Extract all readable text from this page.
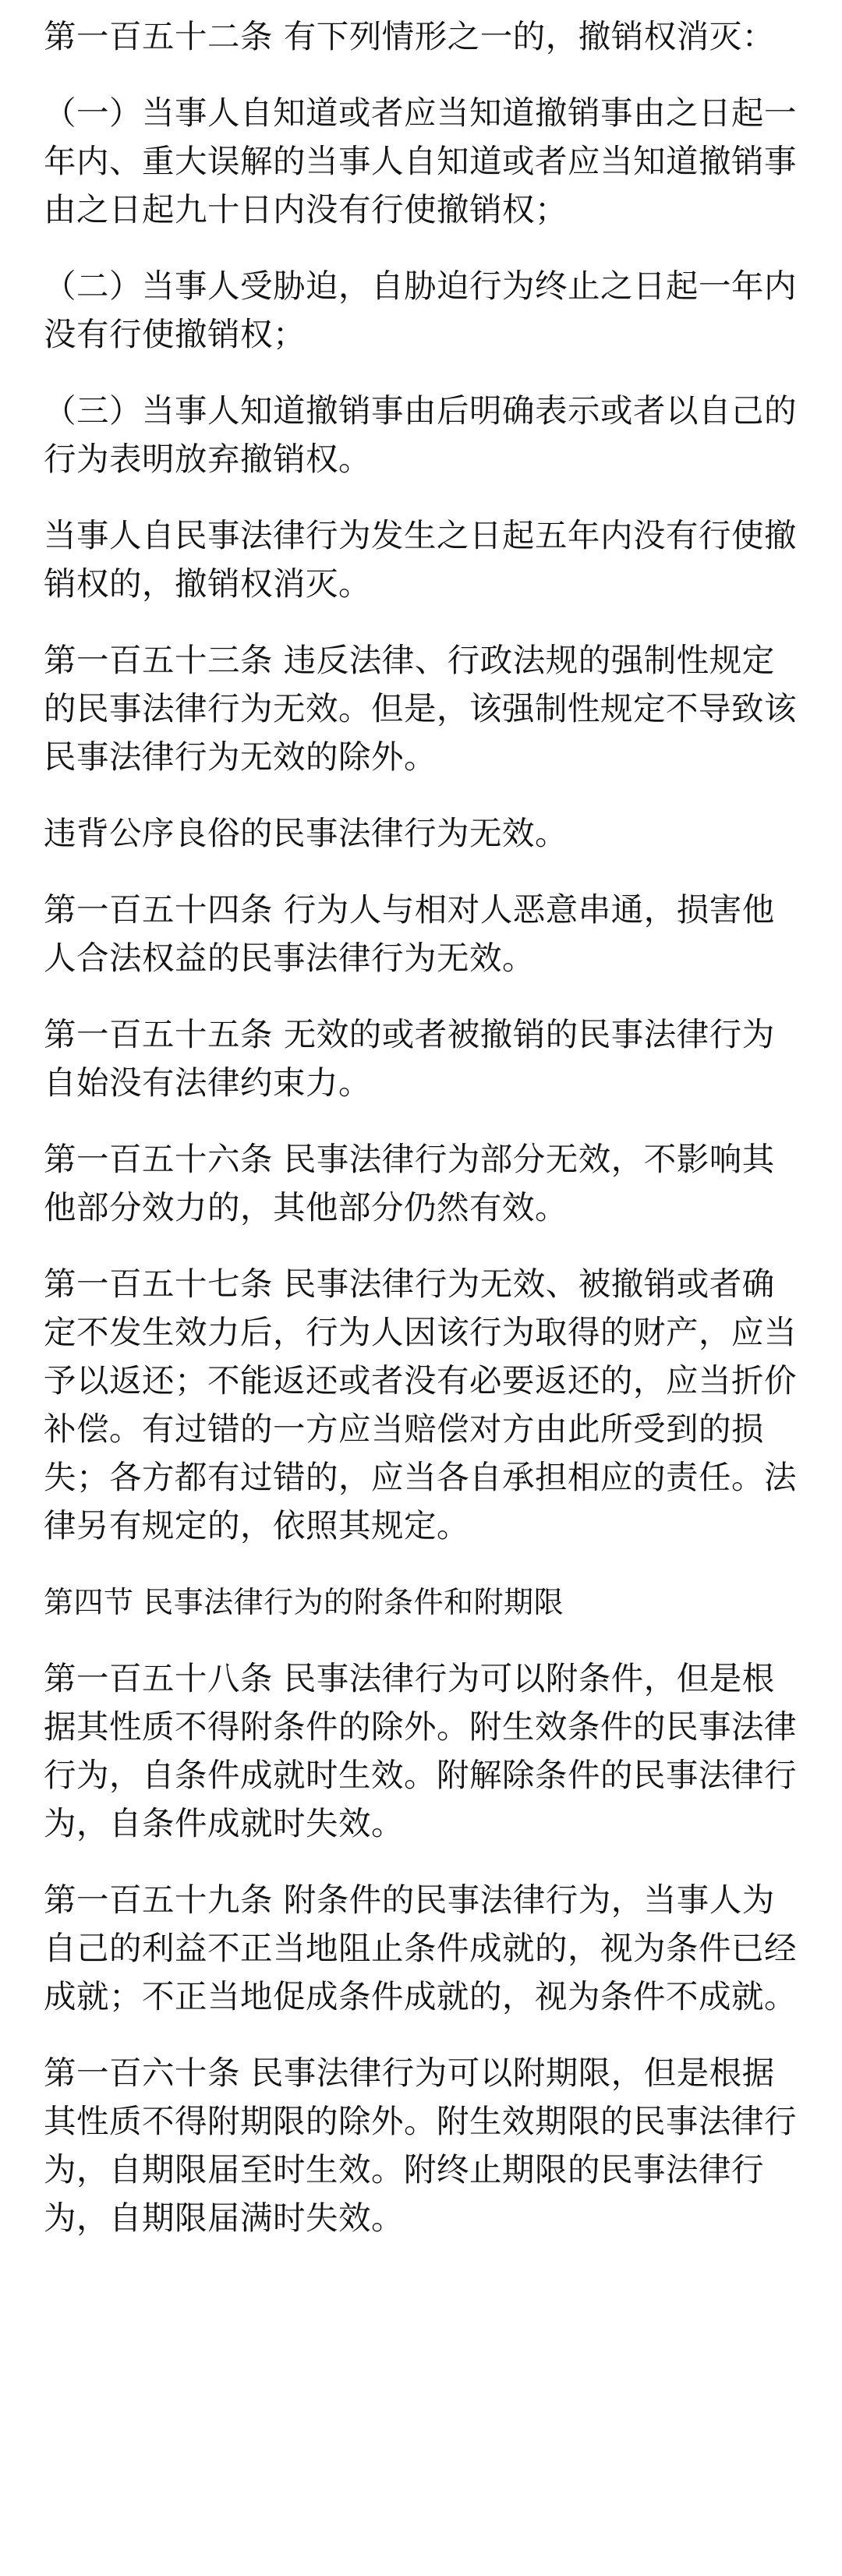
第一百五十二条 有下列情形之一的，撤销权消灭：

（一）当事人自知道或者应当知道撤销事由之日起一年内、重大误解的当事人自知道或者应当知道撤销事由之日起九十日内没有行使撤销权；

（二）当事人受胁迫，自胁迫行为终止之日起一年内没有行使撤销权；

（三）当事人知道撤销事由后明确表示或者以自己的行为表明放弃撤销权。

当事人自民事法律行为发生之日起五年内没有行使撤销权的，撤销权消灭。

第一百五十三条 违反法律、行政法规的强制性规定的民事法律行为无效。但是，该强制性规定不导致该民事法律行为无效的除外。

违背公序良俗的民事法律行为无效。

第一百五十四条 行为人与相对人恶意串通，损害他人合法权益的民事法律行为无效。

第一百五十五条 无效的或者被撤销的民事法律行为自始没有法律约束力。

第一百五十六条 民事法律行为部分无效，不影响其他部分效力的，其他部分仍然有效。

第一百五十七条 民事法律行为无效、被撤销或者确定不发生效力后，行为人因该行为取得的财产，应当予以返还；不能返还或者没有必要返还的，应当折价补偿。有过错的一方应当赔偿对方由此所受到的损失；各方都有过错的，应当各自承担相应的责任。法律另有规定的，依照其规定。

第四节 民事法律行为的附条件和附期限

第一百五十八条 民事法律行为可以附条件，但是根据其性质不得附条件的除外。附生效条件的民事法律行为，自条件成就时生效。附解除条件的民事法律行为，自条件成就时失效。

第一百五十九条 附条件的民事法律行为，当事人为自己的利益不正当地阻止条件成就的，视为条件已经成就；不正当地促成条件成就的，视为条件不成就。

第一百六十条 民事法律行为可以附期限，但是根据其性质不得附期限的除外。附生效期限的民事法律行为，自期限届至时生效。附终止期限的民事法律行为，自期限届满时失效。
